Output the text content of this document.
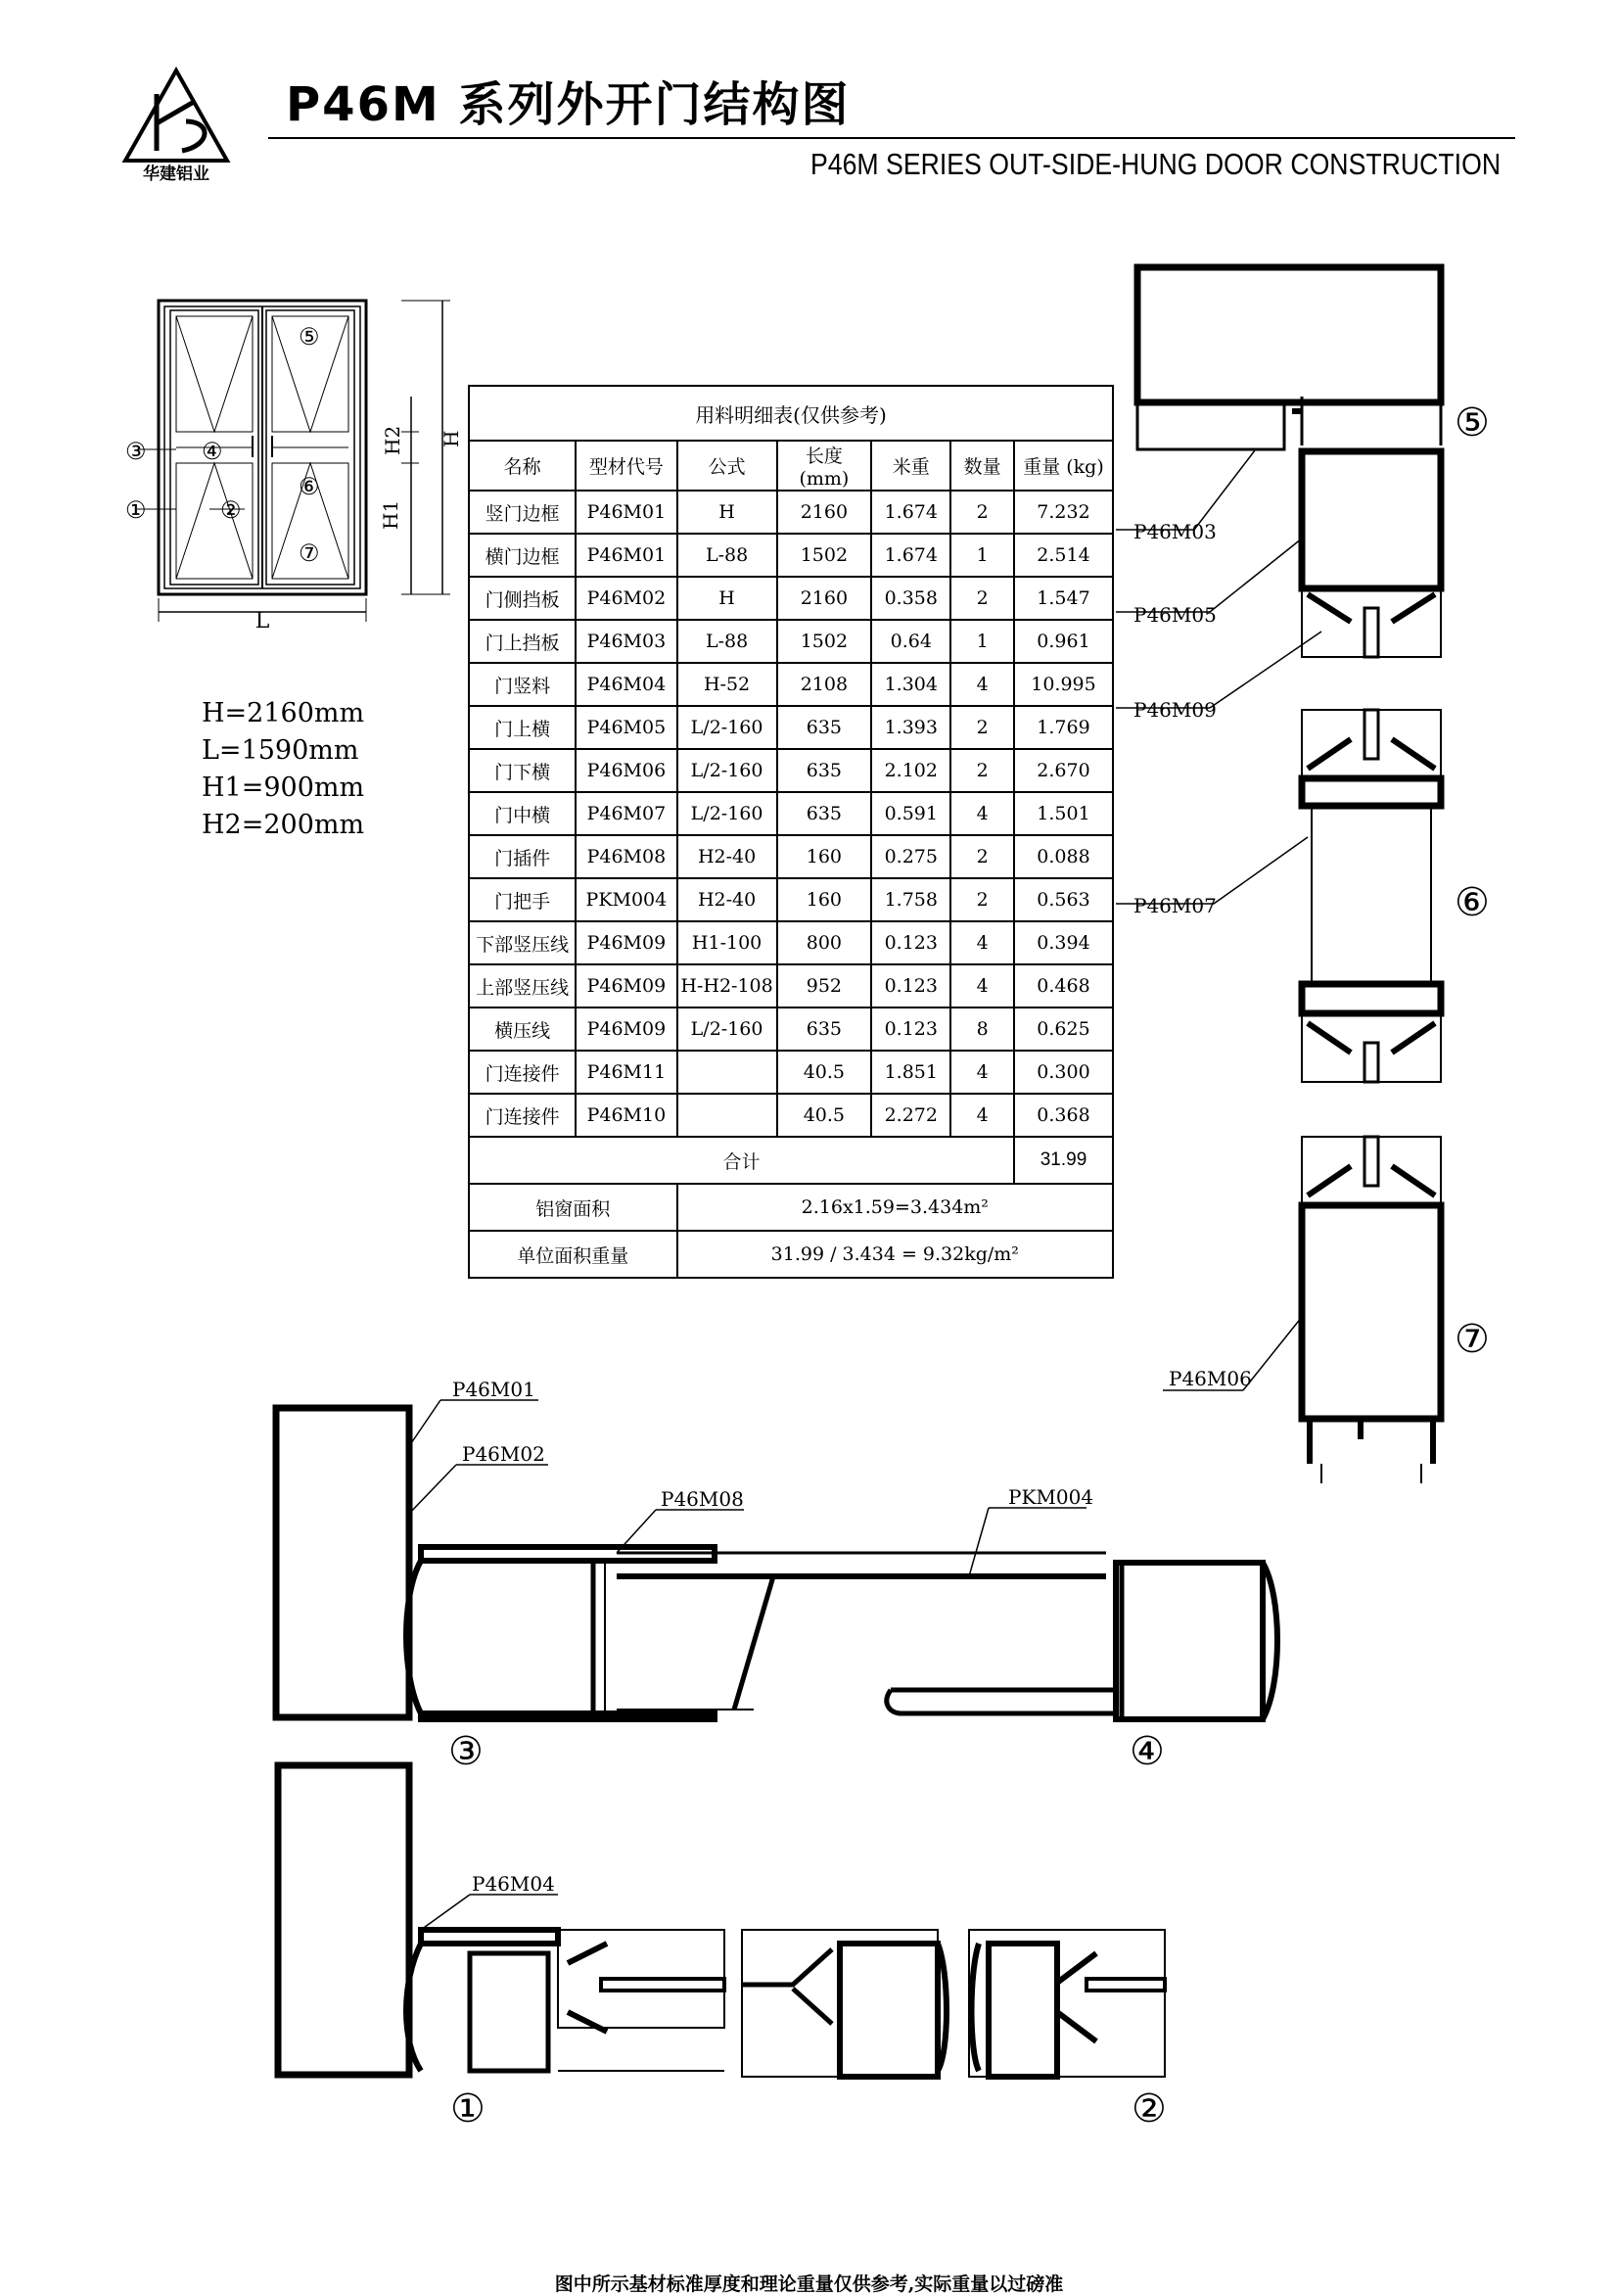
华建铝业
P46M 系列外开门结构图
P46M SERIES OUT-SIDE-HUNG DOOR CONSTRUCTION
L
H
H2
H1
⑤
③ ④
⑥
①	②
⑦
H=2160mm
L=1590mm
H1=900mm
H2=200mm
用料明细表(仅供参考)						
名称	型材代号	公式	长度 (mm)	米重	数量	重量 (kg)
竖门边框	P46M01	H	2160	1.674	2	7.232
横门边框	P46M01	L-88	1502	1.674	1	2.514
门侧挡板	P46M02	H	2160	0.358	2	1.547
门上挡板	P46M03	L-88	1502	0.64	1	0.961
门竖料	P46M04	H-52	2108	1.304	4	10.995
门上横	P46M05	L/2-160	635	1.393	2	1.769
门下横	P46M06	L/2-160	635	2.102	2	2.670
门中横	P46M07	L/2-160	635	0.591	4	1.501
门插件	P46M08	H2-40	160	0.275	2	0.088
门把手	PKM004	H2-40	160	1.758	2	0.563
下部竖压线	P46M09	H1-100	800	0.123	4	0.394
上部竖压线	P46M09	H-H2-108	952	0.123	4	0.468
横压线	P46M09	L/2-160	635	0.123	8	0.625
门连接件	P46M11		40.5	1.851	4	0.300
门连接件	P46M10		40.5	2.272	4	0.368
合计						31.99
铝窗面积		2.16x1.59=3.434m²				
单位面积重量		31.99 / 3.434 = 9.32kg/m²				
P46M03
P46M05
P46M09
P46M07
P46M06
⑤
⑥
⑦
P46M01
P46M02
P46M08	PKM004
③	④
P46M04
①	②
图中所示基材标准厚度和理论重量仅供参考,实际重量以过磅准
